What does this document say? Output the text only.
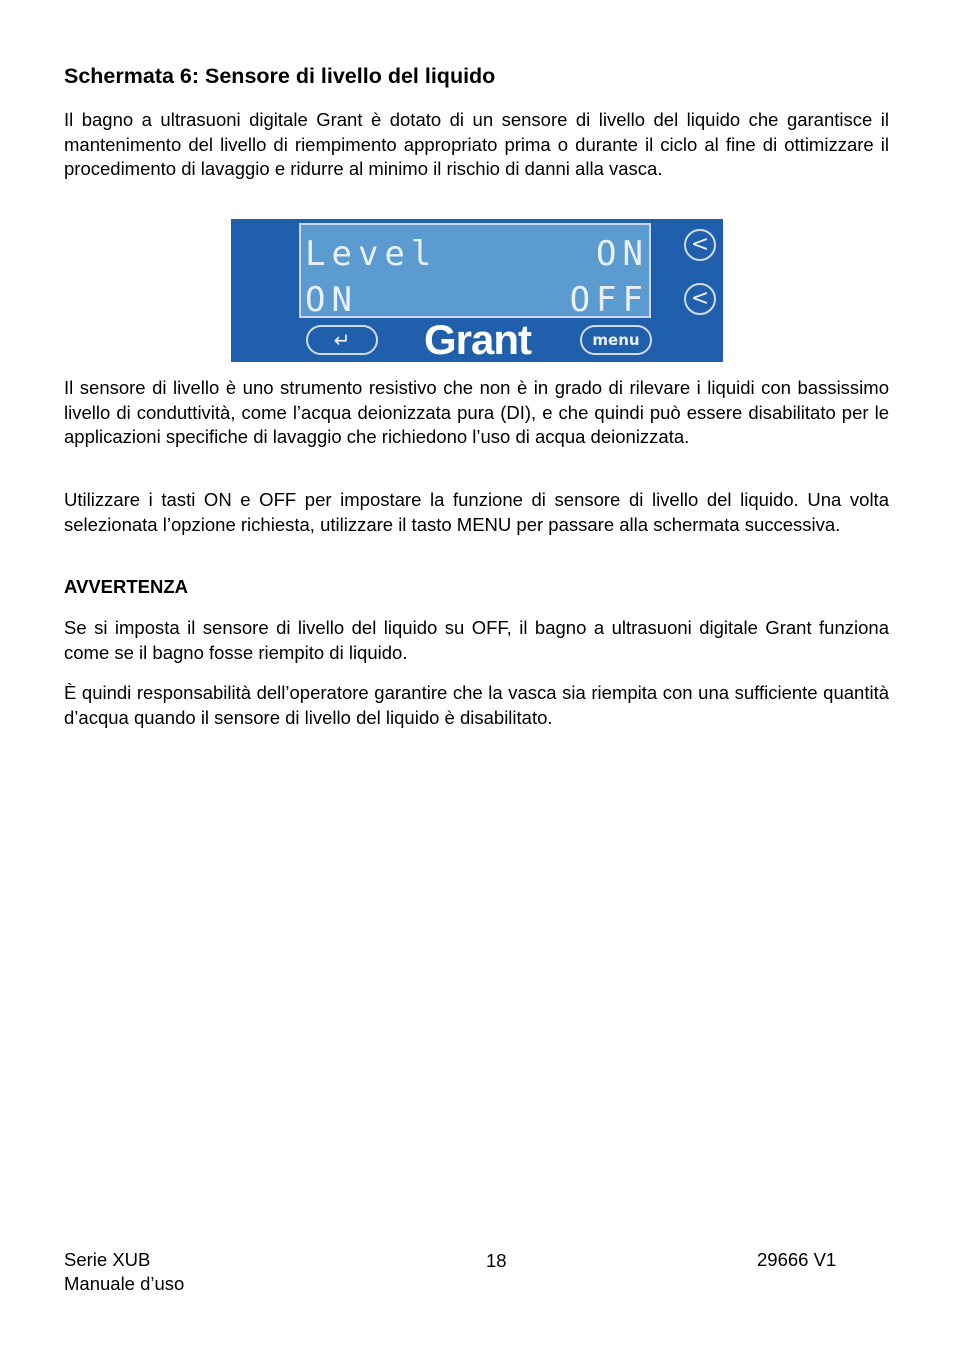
Schermata 6: Sensore di livello del liquido

Il bagno a ultrasuoni digitale Grant è dotato di un sensore di livello del liquido che garantisce il mantenimento del livello di riempimento appropriato prima o durante il ciclo al fine di ottimizzare il procedimento di lavaggio e ridurre al minimo il rischio di danni alla vasca.

Level	ON
ON	OFF
<
<
↵ Grant	menu

Il sensore di livello è uno strumento resistivo che non è in grado di rilevare i liquidi con bassissimo livello di conduttività, come l’acqua deionizzata pura (DI), e che quindi può essere disabilitato per le applicazioni specifiche di lavaggio che richiedono l’uso di acqua deionizzata.

Utilizzare i tasti ON e OFF per impostare la funzione di sensore di livello del liquido. Una volta selezionata l’opzione richiesta, utilizzare il tasto MENU per passare alla schermata successiva.

AVVERTENZA

Se si imposta il sensore di livello del liquido su OFF, il bagno a ultrasuoni digitale Grant funziona come se il bagno fosse riempito di liquido.

È quindi responsabilità dell’operatore garantire che la vasca sia riempita con una sufficiente quantità d’acqua quando il sensore di livello del liquido è disabilitato.

Serie XUB
Manuale d’uso
18	29666 V1
